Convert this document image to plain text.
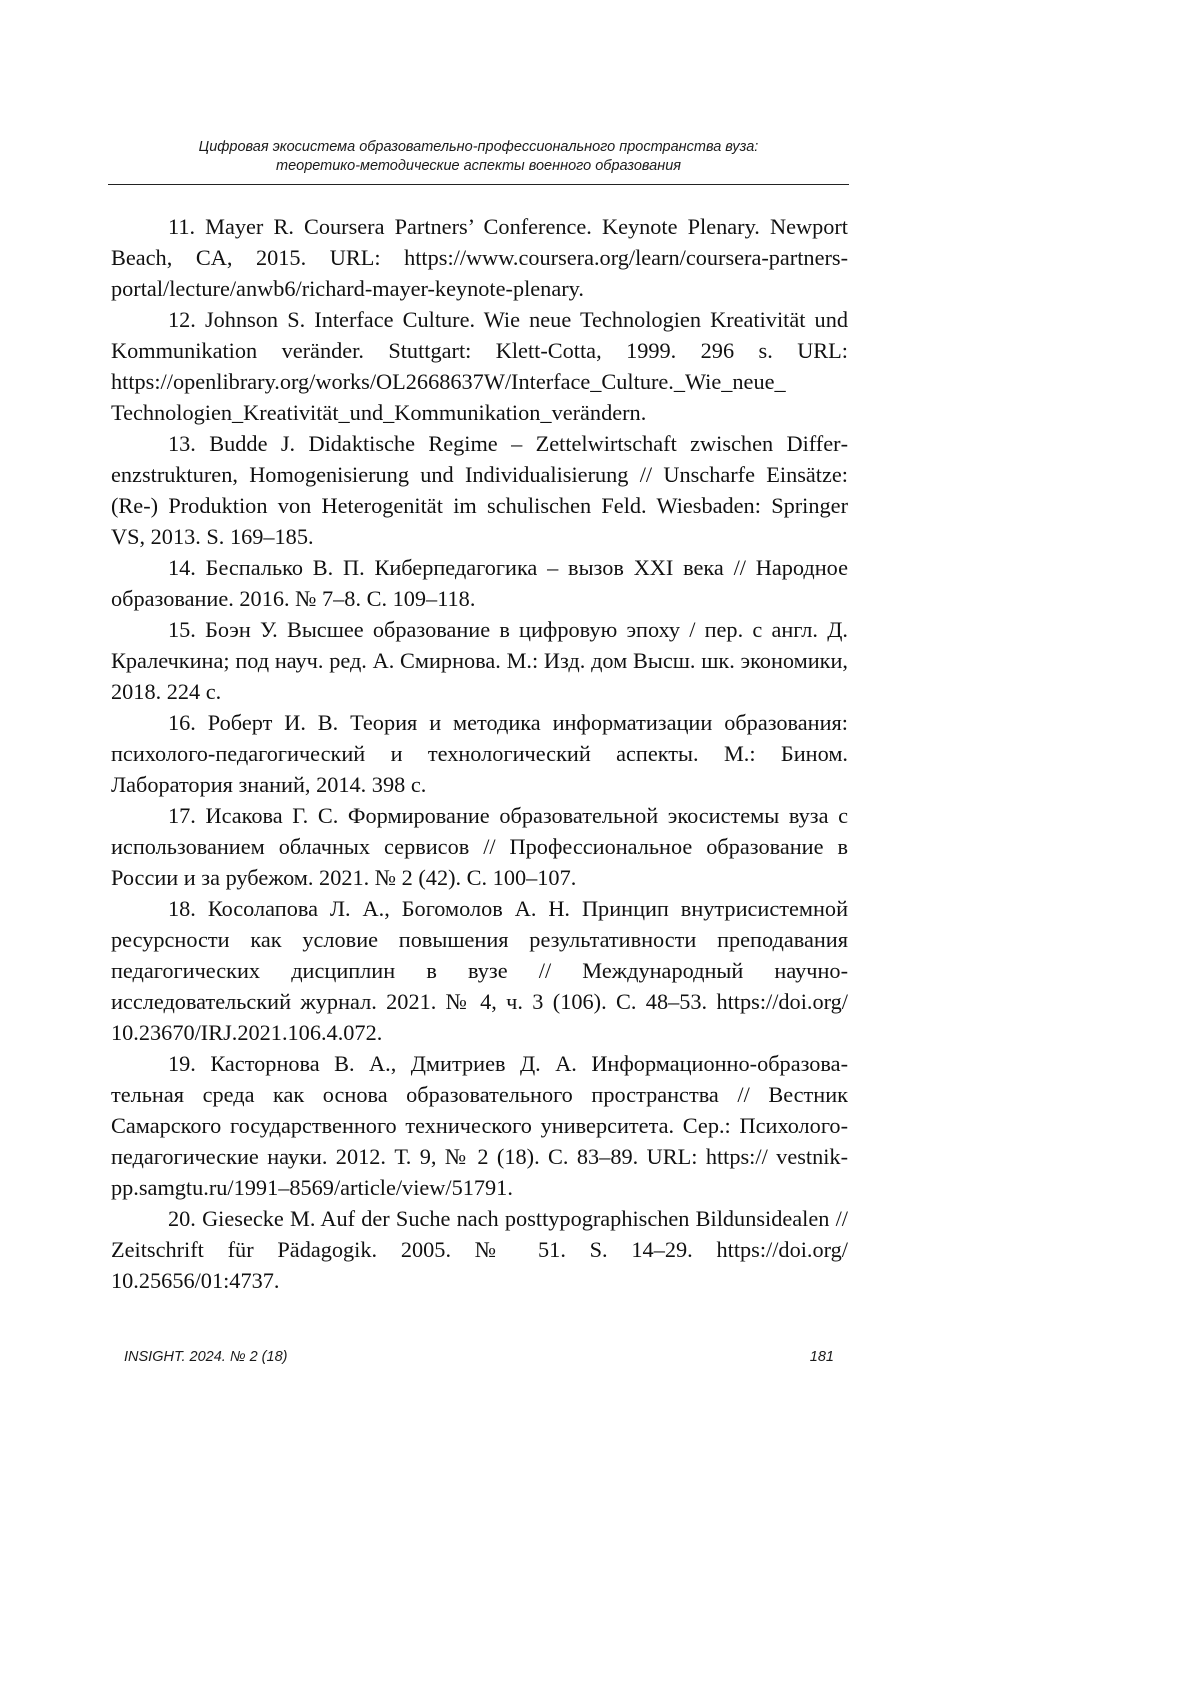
Цифровая экосистема образовательно-профессионального пространства вуза:
теоретико-методические аспекты военного образования
11. Mayer R. Coursera Partners’ Conference. Keynote Plenary. Newport Beach, CA, 2015. URL: https://www.coursera.org/learn/coursera-partners-portal/lecture/anwb6/richard-mayer-keynote-plenary.
12. Johnson S. Interface Culture. Wie neue Technologien Kreativität und Kommunikation veränder. Stuttgart: Klett-Cotta, 1999. 296 s. URL: https://openlibrary.org/works/OL2668637W/Interface_Culture._Wie_neue_ Technologien_Kreativität_und_Kommunikation_verändern.
13. Budde J. Didaktische Regime – Zettelwirtschaft zwischen Differenzstrukturen, Homogenisierung und Individualisierung // Unscharfe Einsätze: (Re-) Produktion von Heterogenität im schulischen Feld. Wiesbaden: Springer VS, 2013. S. 169–185.
14. Беспалько В. П. Киберпедагогика – вызов XXI века // Народное образование. 2016. № 7–8. С. 109–118.
15. Боэн У. Высшее образование в цифровую эпоху / пер. с англ. Д. Кралечкина; под науч. ред. А. Смирнова. М.: Изд. дом Высш. шк. экономики, 2018. 224 с.
16. Роберт И. В. Теория и методика информатизации образования: психолого-педагогический и технологический аспекты. М.: Бином. Лаборатория знаний, 2014. 398 с.
17. Исакова Г. С. Формирование образовательной экосистемы вуза с использованием облачных сервисов // Профессиональное образование в России и за рубежом. 2021. № 2 (42). С. 100–107.
18. Косолапова Л. А., Богомолов А. Н. Принцип внутрисистемной ресурсности как условие повышения результативности преподавания педагогических дисциплин в вузе // Международный научно-исследовательский журнал. 2021. № 4, ч. 3 (106). С. 48–53. https://doi.org/ 10.23670/IRJ.2021.106.4.072.
19. Касторнова В. А., Дмитриев Д. А. Информационно-образовательная среда как основа образовательного пространства // Вестник Самарского государственного технического университета. Сер.: Психолого-педагогические науки. 2012. Т. 9, № 2 (18). С. 83–89. URL: https:// vestnik-pp.samgtu.ru/1991–8569/article/view/51791.
20. Giesecke M. Auf der Suche nach posttypographischen Bildunsidealen // Zeitschrift für Pädagogik. 2005. № 51. S. 14–29. https://doi.org/ 10.25656/01:4737.
INSIGHT. 2024. № 2 (18)	181
